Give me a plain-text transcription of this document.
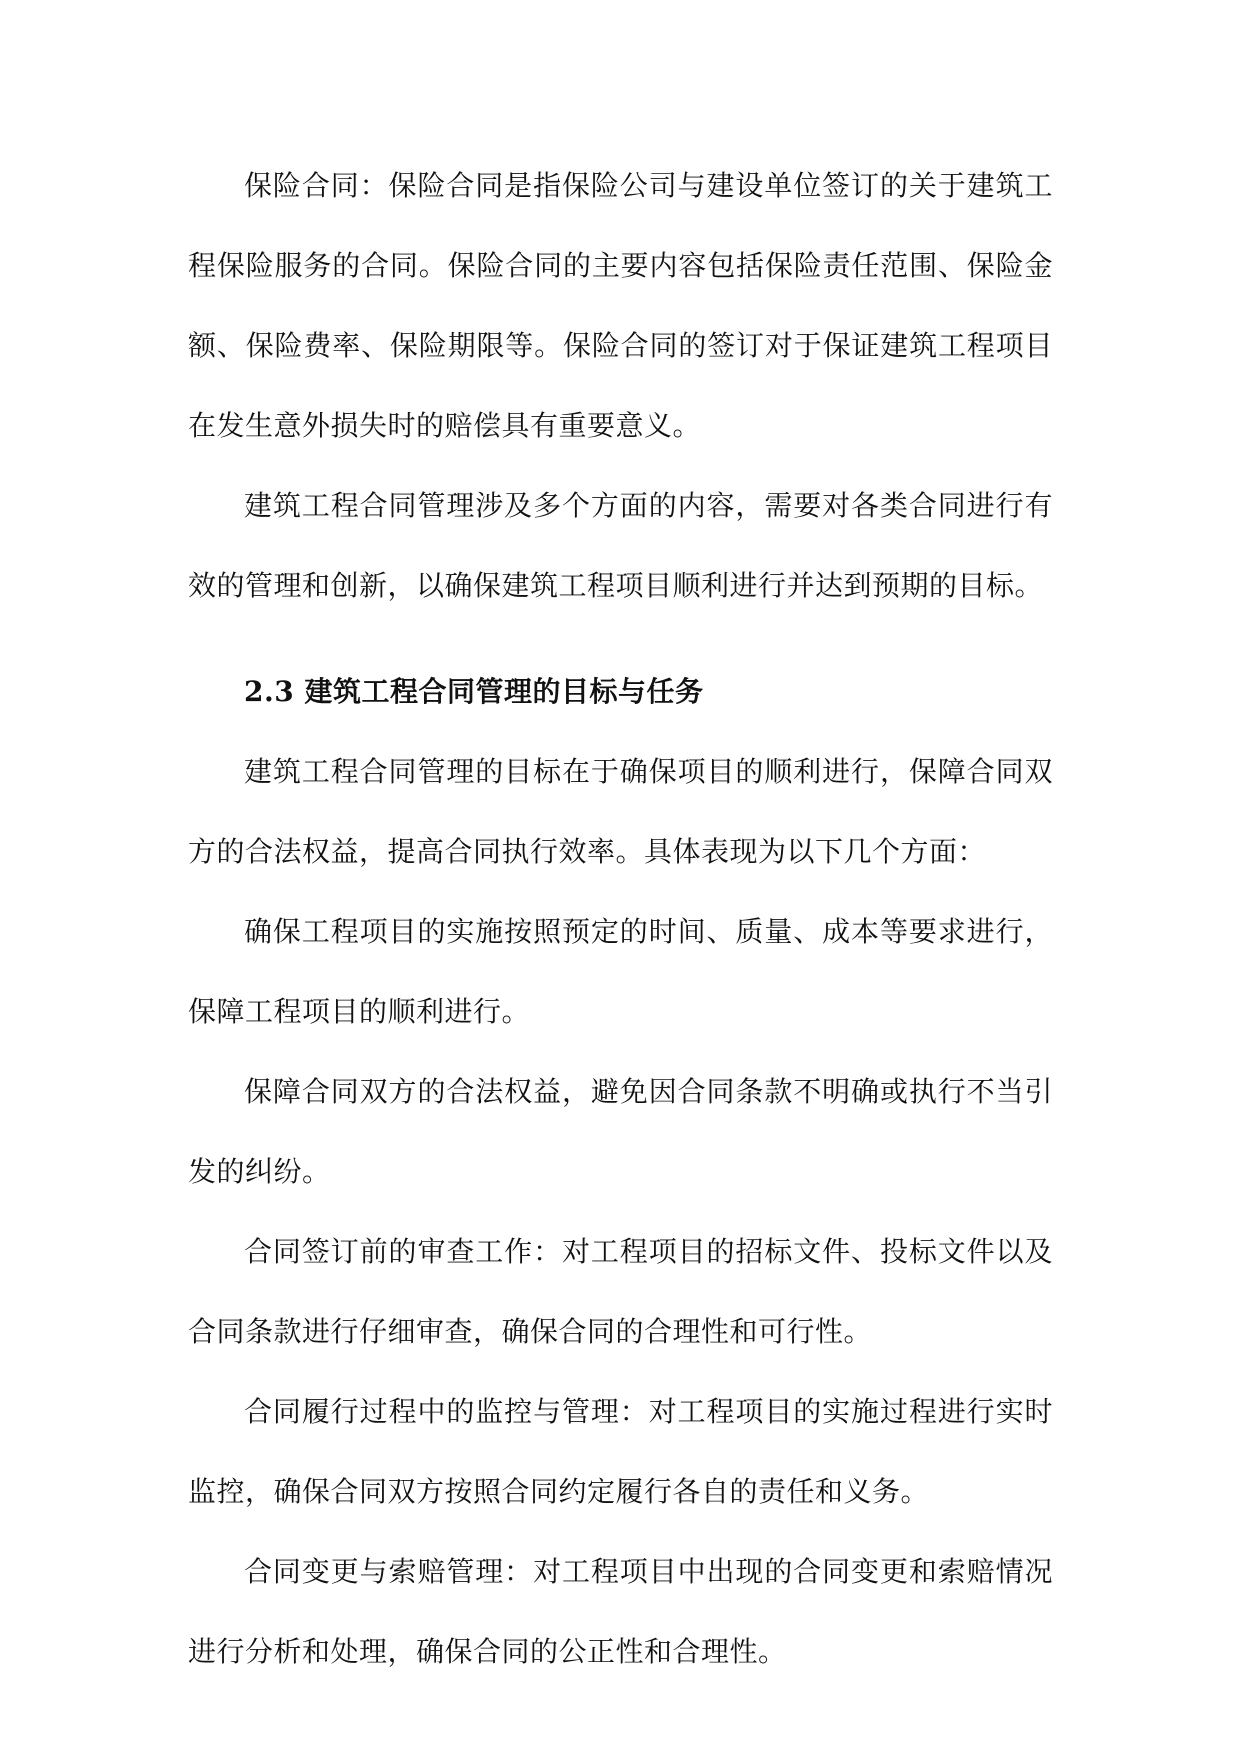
保险合同：保险合同是指保险公司与建设单位签订的关于建筑工程保险服务的合同。保险合同的主要内容包括保险责任范围、保险金额、保险费率、保险期限等。保险合同的签订对于保证建筑工程项目在发生意外损失时的赔偿具有重要意义。

建筑工程合同管理涉及多个方面的内容，需要对各类合同进行有效的管理和创新，以确保建筑工程项目顺利进行并达到预期的目标。

2.3 建筑工程合同管理的目标与任务

建筑工程合同管理的目标在于确保项目的顺利进行，保障合同双方的合法权益，提高合同执行效率。具体表现为以下几个方面：

确保工程项目的实施按照预定的时间、质量、成本等要求进行，保障工程项目的顺利进行。

保障合同双方的合法权益，避免因合同条款不明确或执行不当引发的纠纷。

合同签订前的审查工作：对工程项目的招标文件、投标文件以及合同条款进行仔细审查，确保合同的合理性和可行性。

合同履行过程中的监控与管理：对工程项目的实施过程进行实时监控，确保合同双方按照合同约定履行各自的责任和义务。

合同变更与索赔管理：对工程项目中出现的合同变更和索赔情况进行分析和处理，确保合同的公正性和合理性。
